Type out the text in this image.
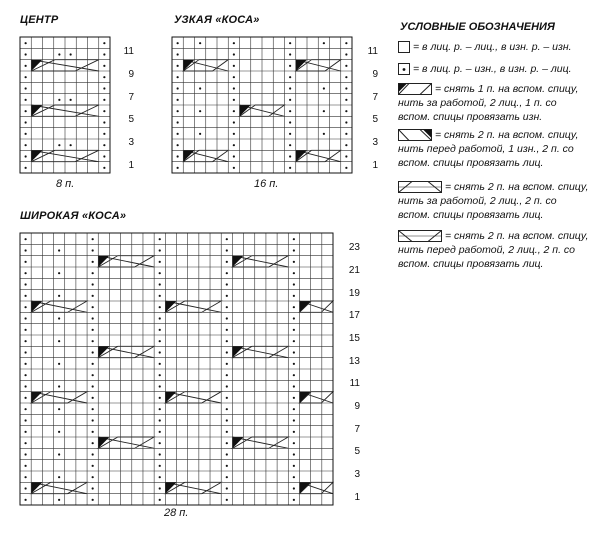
ЦЕНТР
11
9
7
5
3
1
8 п.
УЗКАЯ «КОСА»
11
9
7
5
3
1
16 п.
ШИРОКАЯ «КОСА»
23
21
19
17
15
13
11
9
7
5
3
1
28 п.
УСЛОВНЫЕ ОБОЗНАЧЕНИЯ
= в лиц. р. – лиц., в изн. р. – изн.
= в лиц. р. – изн., в изн. р. – лиц.
= снять 1 п. на вспом. спицу,
нить за работой, 2 лиц., 1 п. со
вспом. спицы провязать изн.
= снять 2 п. на вспом. спицу,
нить перед работой, 1 изн., 2 п. со
вспом. спицы провязать лиц.
= снять 2 п. на вспом. спицу,
нить за работой, 2 лиц., 2 п. со
вспом. спицы провязать лиц.
= снять 2 п. на вспом. спицу,
нить перед работой, 2 лиц., 2 п. со
вспом. спицы провязать лиц.
